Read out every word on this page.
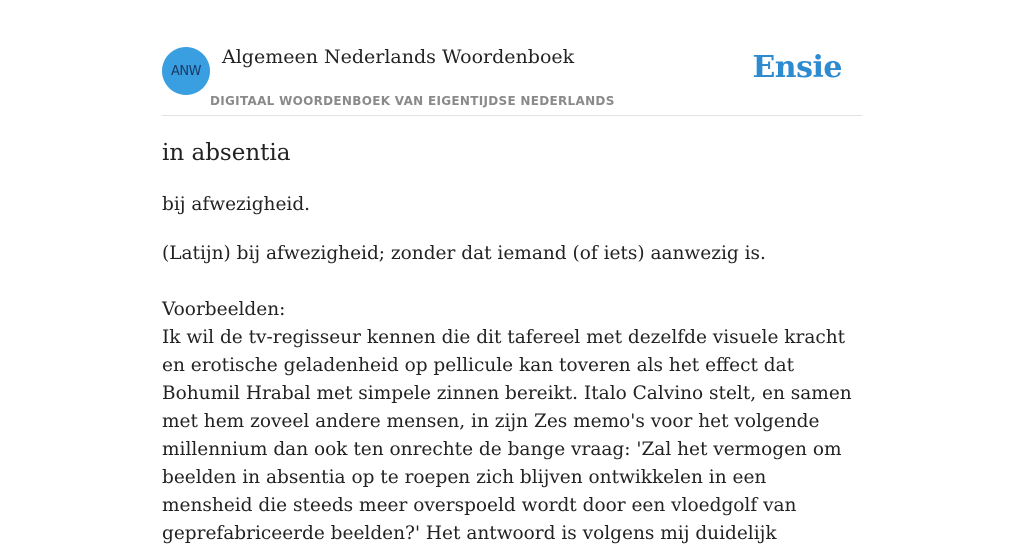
ANW
Algemeen Nederlands Woordenboek
DIGITAAL WOORDENBOEK VAN EIGENTIJDSE NEDERLANDS
Ensie
in absentia

bij afwezigheid.

(Latijn) bij afwezigheid; zonder dat iemand (of iets) aanwezig is.

Voorbeelden:

Ik wil de tv-regisseur kennen die dit tafereel met dezelfde visuele kracht en erotische geladenheid op pellicule kan toveren als het effect dat Bohumil Hrabal met simpele zinnen bereikt. Italo Calvino stelt, en samen met hem zoveel andere mensen, in zijn Zes memo's voor het volgende millennium dan ook ten onrechte de bange vraag: 'Zal het vermogen om beelden in absentia op te roepen zich blijven ontwikkelen in een mensheid die steeds meer overspoeld wordt door een vloedgolf van geprefabriceerde beelden?' Het antwoord is volgens mij duidelijk
